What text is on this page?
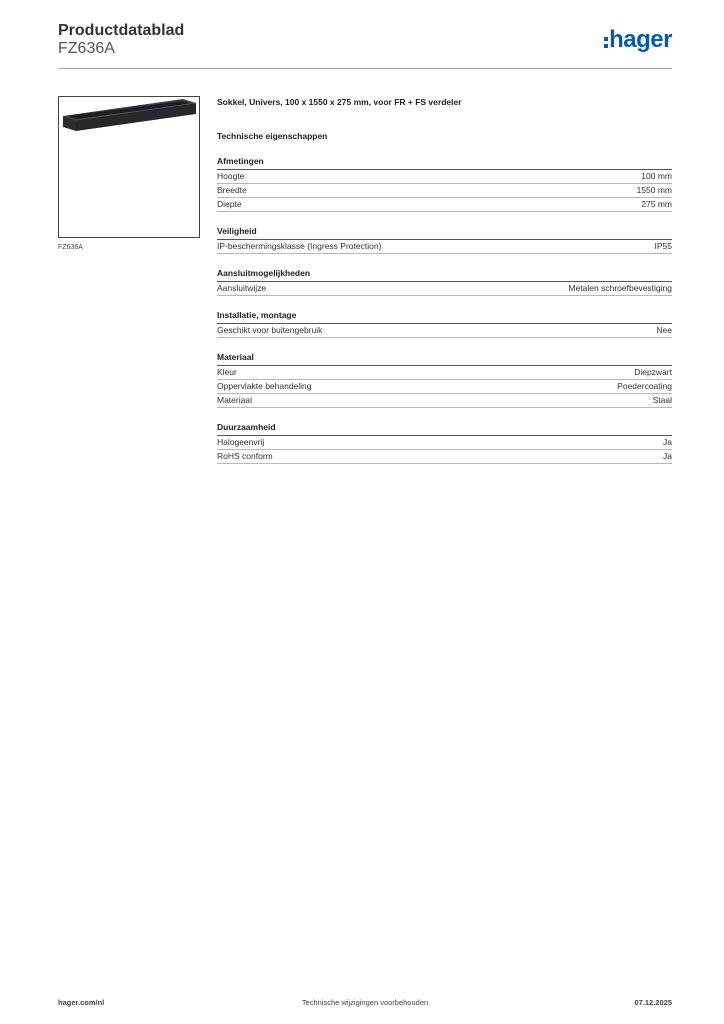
Productdatablad
FZ636A	hager
FZ636A
Sokkel, Univers, 100 x 1550 x 275 mm, voor FR + FS verdeler
Technische eigenschappen
Afmetingen
Hoogte	100 mm
Breedte	1550 mm
Diepte	275 mm
Veiligheid
IP-beschermingsklasse (Ingress Protection)	IP55
Aansluitmogelijkheden
Aansluitwijze	Metalen schroefbevestiging
Installatie, montage
Geschikt voor buitengebruik	Nee
Materiaal
Kleur	Diepzwart
Oppervlakte behandeling	Poedercoating
Materiaal	Staal
Duurzaamheid
Halogeenvrij	Ja
RoHS conform	Ja
hager.com/nl	Technische wijzigingen voorbehouden	07.12.2025
